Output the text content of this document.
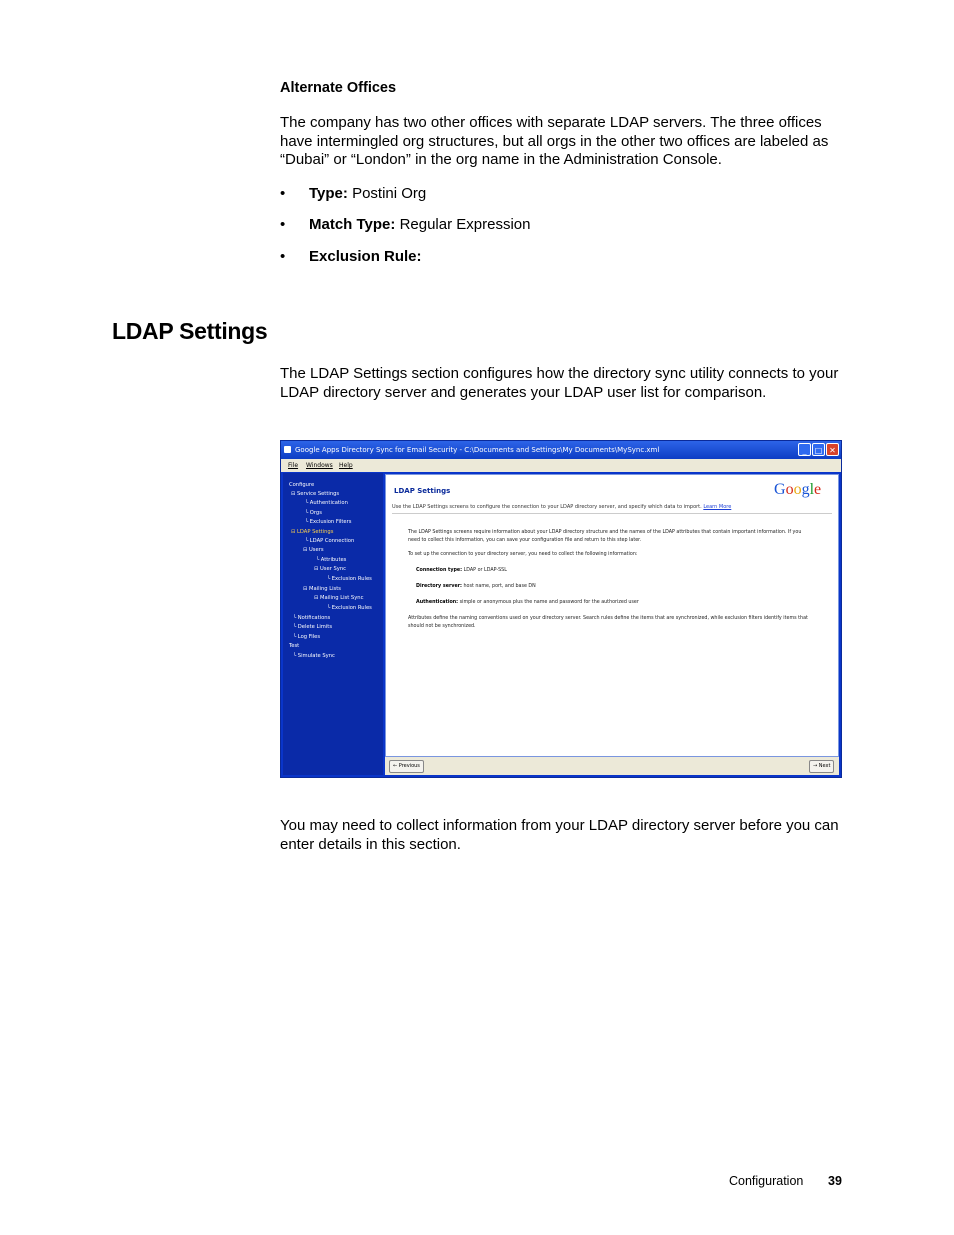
Alternate Offices
The company has two other offices with separate LDAP servers. The three offices have intermingled org structures, but all orgs in the other two offices are labeled as “Dubai” or “London” in the org name in the Administration Console.
• Type: Postini Org
• Match Type: Regular Expression
• Exclusion Rule:
LDAP Settings
The LDAP Settings section configures how the directory sync utility connects to your LDAP directory server and generates your LDAP user list for comparison.
Google Apps Directory Sync for Email Security - C:\Documents and Settings\My Documents\MySync.xml	_	□ ✕
File Windows Help
Configure
⊟ Service Settings
└ Authentication
└ Orgs
└ Exclusion Filters
⊟ LDAP Settings
└ LDAP Connection
⊟ Users
└ Attributes
⊟ User Sync
└ Exclusion Rules
⊟ Mailing Lists
⊟ Mailing List Sync
└ Exclusion Rules
└ Notifications
└ Delete Limits
└ Log Files
Test
└ Simulate Sync
LDAP Settings	Google
Use the LDAP Settings screens to configure the connection to your LDAP directory server, and specify which data to import. Learn More
The LDAP Settings screens require information about your LDAP directory structure and the names of the LDAP attributes that contain important information. If you need to collect this information, you can save your configuration file and return to this step later.
To set up the connection to your directory server, you need to collect the following information:
Connection type: LDAP or LDAP-SSL
Directory server: host name, port, and base DN
Authentication: simple or anonymous plus the name and password for the authorized user
Attributes define the naming conventions used on your directory server. Search rules define the items that are synchronized, while exclusion filters identify items that should not be synchronized.
← Previous	→ Next
You may need to collect information from your LDAP directory server before you can enter details in this section.
Configuration 39
